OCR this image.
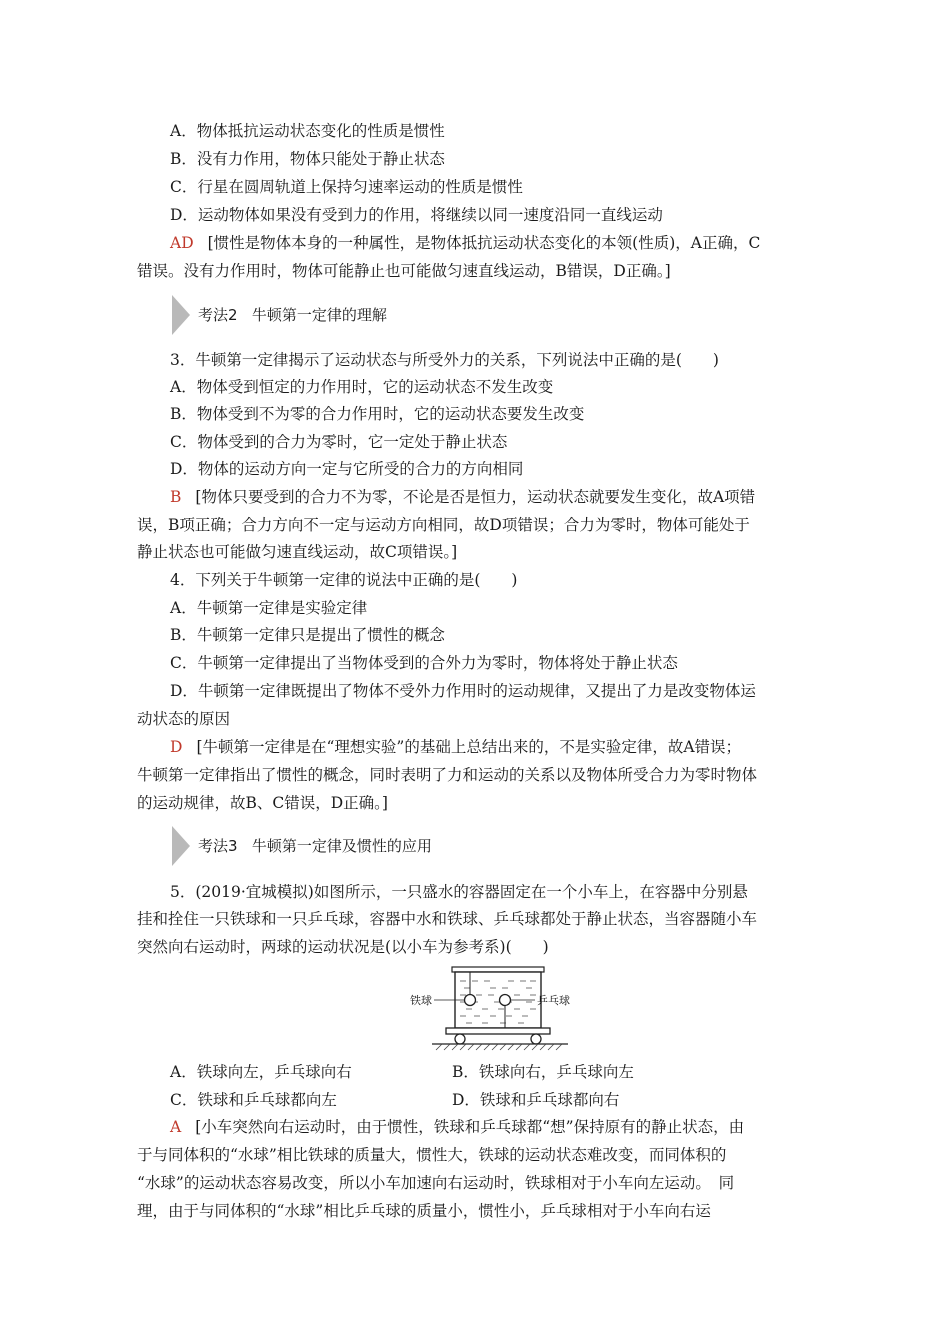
A．物体抵抗运动状态变化的性质是惯性
B．没有力作用，物体只能处于静止状态
C．行星在圆周轨道上保持匀速率运动的性质是惯性
D．运动物体如果没有受到力的作用，将继续以同一速度沿同一直线运动
AD [惯性是物体本身的一种属性，是物体抵抗运动状态变化的本领(性质)，A正确，C
错误。没有力作用时，物体可能静止也可能做匀速直线运动，B错误，D正确。]
考法2 牛顿第一定律的理解
3．牛顿第一定律揭示了运动状态与所受外力的关系，下列说法中正确的是(　　)
A．物体受到恒定的力作用时，它的运动状态不发生改变
B．物体受到不为零的合力作用时，它的运动状态要发生改变
C．物体受到的合力为零时，它一定处于静止状态
D．物体的运动方向一定与它所受的合力的方向相同
B [物体只要受到的合力不为零，不论是否是恒力，运动状态就要发生变化，故A项错
误，B项正确；合力方向不一定与运动方向相同，故D项错误；合力为零时，物体可能处于
静止状态也可能做匀速直线运动，故C项错误。]
4．下列关于牛顿第一定律的说法中正确的是(　　)
A．牛顿第一定律是实验定律
B．牛顿第一定律只是提出了惯性的概念
C．牛顿第一定律提出了当物体受到的合外力为零时，物体将处于静止状态
D．牛顿第一定律既提出了物体不受外力作用时的运动规律，又提出了力是改变物体运
动状态的原因
D [牛顿第一定律是在“理想实验”的基础上总结出来的，不是实验定律，故A错误；
牛顿第一定律指出了惯性的概念，同时表明了力和运动的关系以及物体所受合力为零时物体
的运动规律，故B、C错误，D正确。]
考法3 牛顿第一定律及惯性的应用
5．(2019·宜城模拟)如图所示，一只盛水的容器固定在一个小车上，在容器中分别悬
挂和拴住一只铁球和一只乒乓球，容器中水和铁球、乒乓球都处于静止状态，当容器随小车
突然向右运动时，两球的运动状况是(以小车为参考系)(　　)
铁球	乒乓球
A．铁球向左，乒乓球向右	B．铁球向右，乒乓球向左
C．铁球和乒乓球都向左	D．铁球和乒乓球都向右
A [小车突然向右运动时，由于惯性，铁球和乒乓球都“想”保持原有的静止状态，由
于与同体积的“水球”相比铁球的质量大，惯性大，铁球的运动状态难改变，而同体积的
“水球”的运动状态容易改变，所以小车加速向右运动时，铁球相对于小车向左运动。　同
理，由于与同体积的“水球”相比乒乓球的质量小，惯性小，乒乓球相对于小车向右运
